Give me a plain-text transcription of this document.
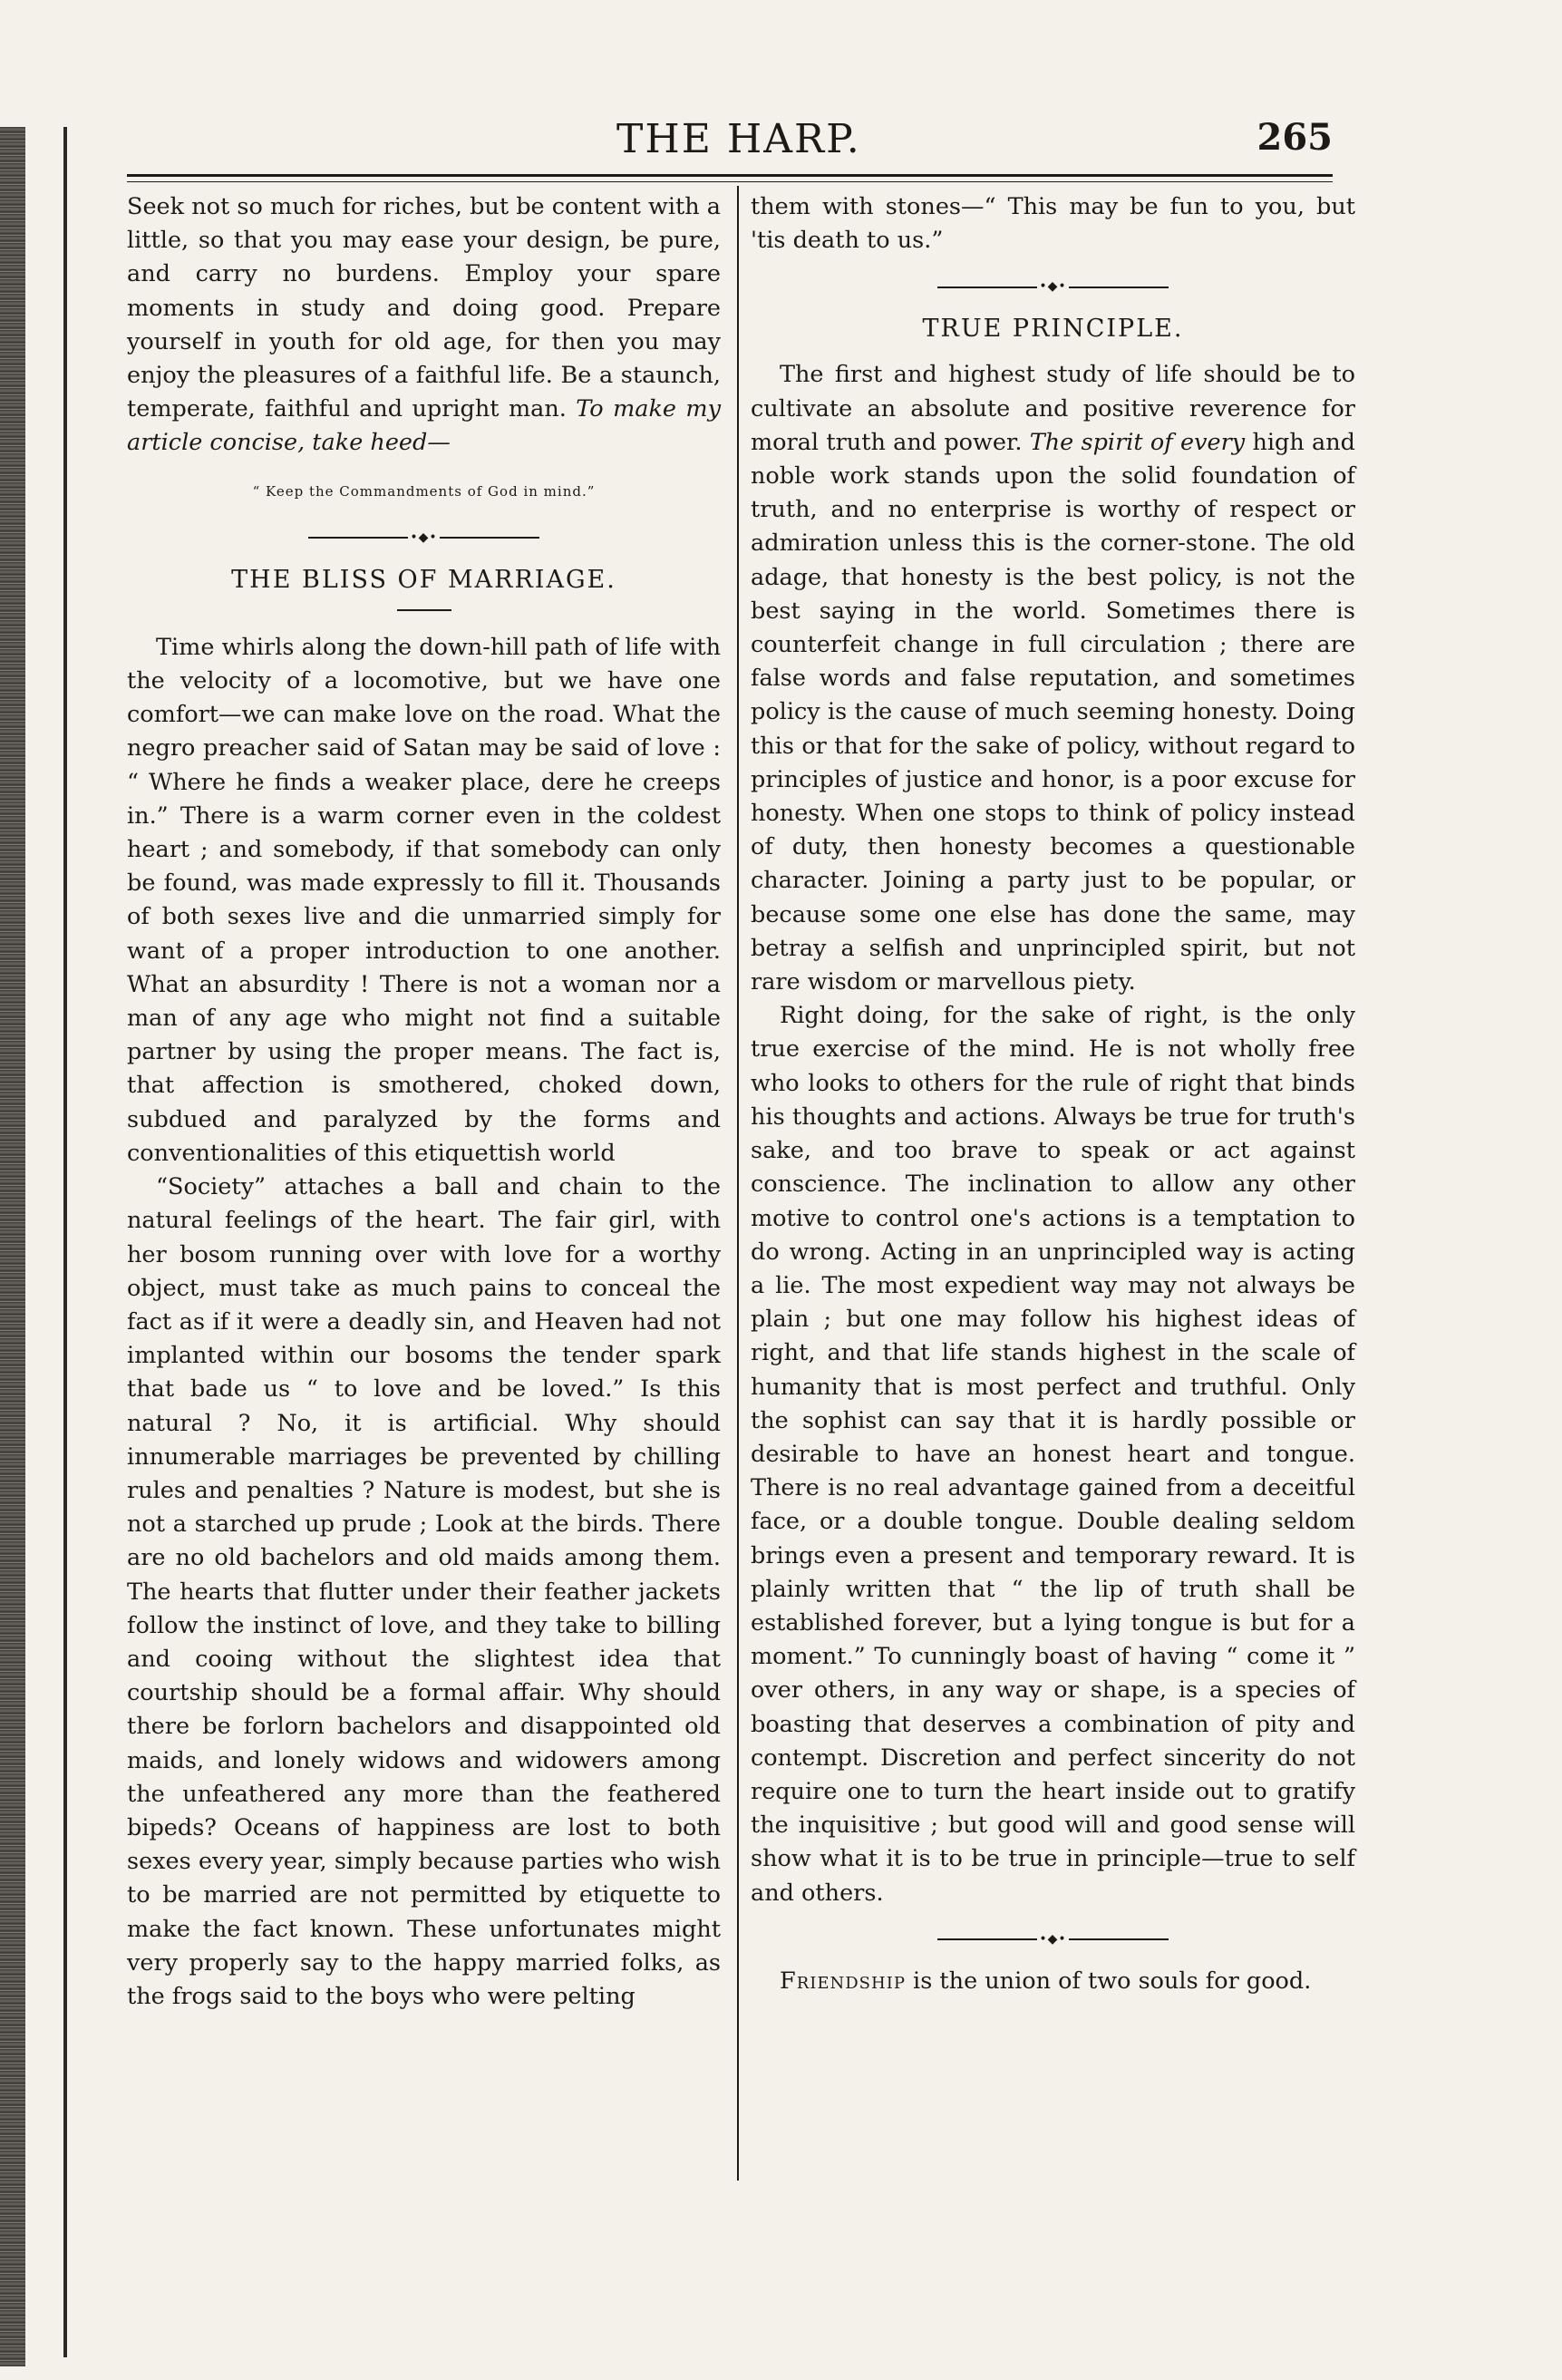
THE HARP.	265

Seek not so much for riches, but be content with a little, so that you may ease your design, be pure, and carry no burdens. Employ your spare moments in study and doing good. Prepare yourself in youth for old age, for then you may enjoy the pleasures of a faithful life. Be a staunch, temperate, faithful and upright man. To make my article concise, take heed—

“ Keep the Commandments of God in mind.”

•◆•
THE BLISS OF MARRIAGE.

Time whirls along the down-hill path of life with the velocity of a locomotive, but we have one comfort—we can make love on the road. What the negro preacher said of Satan may be said of love : “ Where he finds a weaker place, dere he creeps in.” There is a warm corner even in the coldest heart ; and somebody, if that somebody can only be found, was made expressly to fill it. Thousands of both sexes live and die unmarried simply for want of a proper introduction to one another. What an absurdity ! There is not a woman nor a man of any age who might not find a suitable partner by using the proper means. The fact is, that affection is smothered, choked down, subdued and paralyzed by the forms and conventionalities of this etiquettish world

“Society” attaches a ball and chain to the natural feelings of the heart. The fair girl, with her bosom running over with love for a worthy object, must take as much pains to conceal the fact as if it were a deadly sin, and Heaven had not implanted within our bosoms the tender spark that bade us “ to love and be loved.” Is this natural ? No, it is artificial. Why should innumerable marriages be prevented by chilling rules and penalties ? Nature is modest, but she is not a starched up prude ; Look at the birds. There are no old bachelors and old maids among them. The hearts that flutter under their feather jackets follow the instinct of love, and they take to billing and cooing without the slightest idea that courtship should be a formal affair. Why should there be forlorn bachelors and disappointed old maids, and lonely widows and widowers among the unfeathered any more than the feathered bipeds? Oceans of happiness are lost to both sexes every year, simply because parties who wish to be married are not permitted by etiquette to make the fact known. These unfortunates might very properly say to the happy married folks, as the frogs said to the boys who were pelting

them with stones—“ This may be fun to you, but 'tis death to us.”

•◆•
TRUE PRINCIPLE.

The first and highest study of life should be to cultivate an absolute and positive reverence for moral truth and power. The spirit of every high and noble work stands upon the solid foundation of truth, and no enterprise is worthy of respect or admiration unless this is the corner-stone. The old adage, that honesty is the best policy, is not the best saying in the world. Sometimes there is counterfeit change in full circulation ; there are false words and false reputation, and sometimes policy is the cause of much seeming honesty. Doing this or that for the sake of policy, without regard to principles of justice and honor, is a poor excuse for honesty. When one stops to think of policy instead of duty, then honesty becomes a questionable character. Joining a party just to be popular, or because some one else has done the same, may betray a selfish and unprincipled spirit, but not rare wisdom or marvellous piety.

Right doing, for the sake of right, is the only true exercise of the mind. He is not wholly free who looks to others for the rule of right that binds his thoughts and actions. Always be true for truth's sake, and too brave to speak or act against conscience. The inclination to allow any other motive to control one's actions is a temptation to do wrong. Acting in an unprincipled way is acting a lie. The most expedient way may not always be plain ; but one may follow his highest ideas of right, and that life stands highest in the scale of humanity that is most perfect and truthful. Only the sophist can say that it is hardly possible or desirable to have an honest heart and tongue. There is no real advantage gained from a deceitful face, or a double tongue. Double dealing seldom brings even a present and temporary reward. It is plainly written that “ the lip of truth shall be established forever, but a lying tongue is but for a moment.” To cunningly boast of having “ come it ” over others, in any way or shape, is a species of boasting that deserves a combination of pity and contempt. Discretion and perfect sincerity do not require one to turn the heart inside out to gratify the inquisitive ; but good will and good sense will show what it is to be true in principle—true to self and others.

•◆•

Friendship is the union of two souls for good.
